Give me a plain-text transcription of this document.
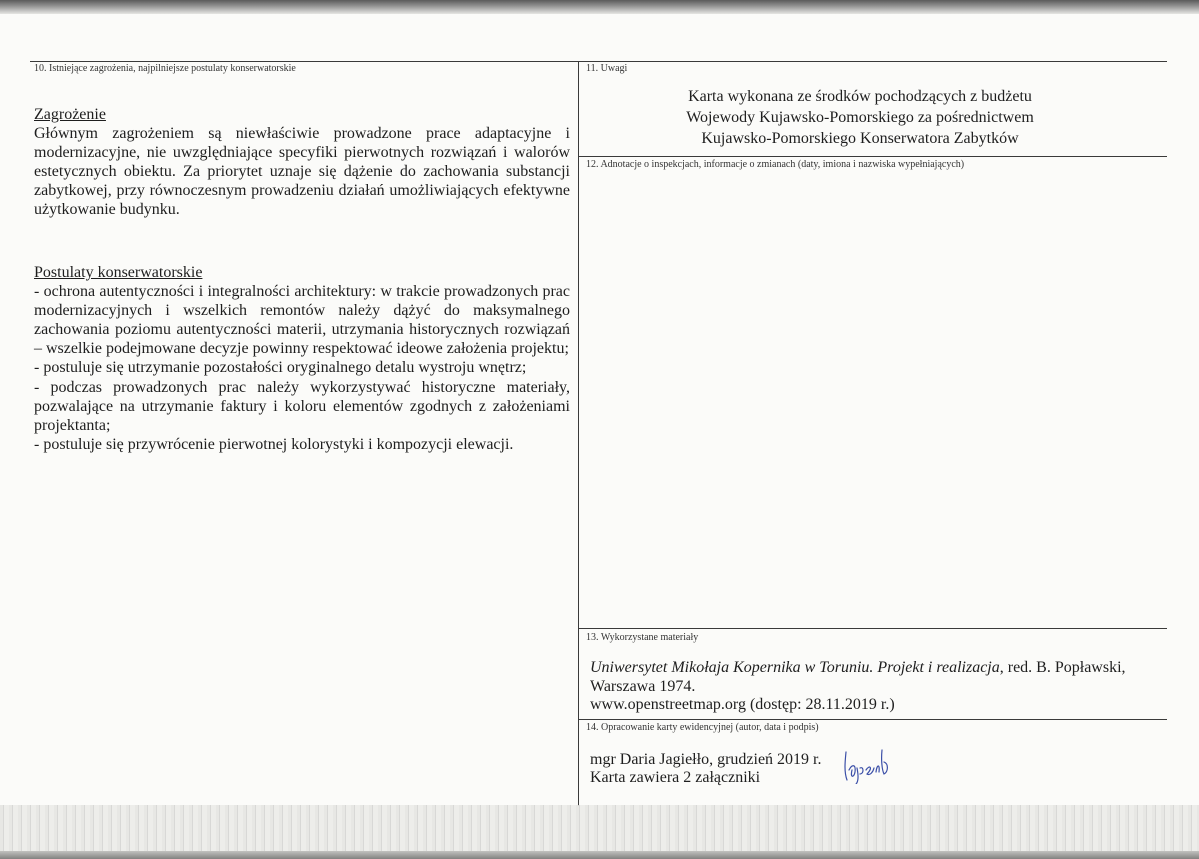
10. Istniejące zagrożenia, najpilniejsze postulaty konserwatorskie
Zagrożenie
Głównym zagrożeniem są niewłaściwie prowadzone prace adaptacyjne i modernizacyjne, nie uwzględniające specyfiki pierwotnych rozwiązań i walorów estetycznych obiektu. Za priorytet uznaje się dążenie do zachowania substancji zabytkowej, przy równoczesnym prowadzeniu działań umożliwiających efektywne użytkowanie budynku.
Postulaty konserwatorskie
- ochrona autentyczności i integralności architektury: w trakcie prowadzonych prac modernizacyjnych i wszelkich remontów należy dążyć do maksymalnego zachowania poziomu autentyczności materii, utrzymania historycznych rozwiązań – wszelkie podejmowane decyzje powinny respektować ideowe założenia projektu;
- postuluje się utrzymanie pozostałości oryginalnego detalu wystroju wnętrz;
- podczas prowadzonych prac należy wykorzystywać historyczne materiały, pozwalające na utrzymanie faktury i koloru elementów zgodnych z założeniami projektanta;
- postuluje się przywrócenie pierwotnej kolorystyki i kompozycji elewacji.
11. Uwagi
Karta wykonana ze środków pochodzących z budżetu
Wojewody Kujawsko-Pomorskiego za pośrednictwem
Kujawsko-Pomorskiego Konserwatora Zabytków
12. Adnotacje o inspekcjach, informacje o zmianach (daty, imiona i nazwiska wypełniających)
13. Wykorzystane materiały
Uniwersytet Mikołaja Kopernika w Toruniu. Projekt i realizacja, red. B. Popławski,
Warszawa 1974.
www.openstreetmap.org (dostęp: 28.11.2019 r.)
14. Opracowanie karty ewidencyjnej (autor, data i podpis)
mgr Daria Jagiełło, grudzień 2019 r.
Karta zawiera 2 załączniki
